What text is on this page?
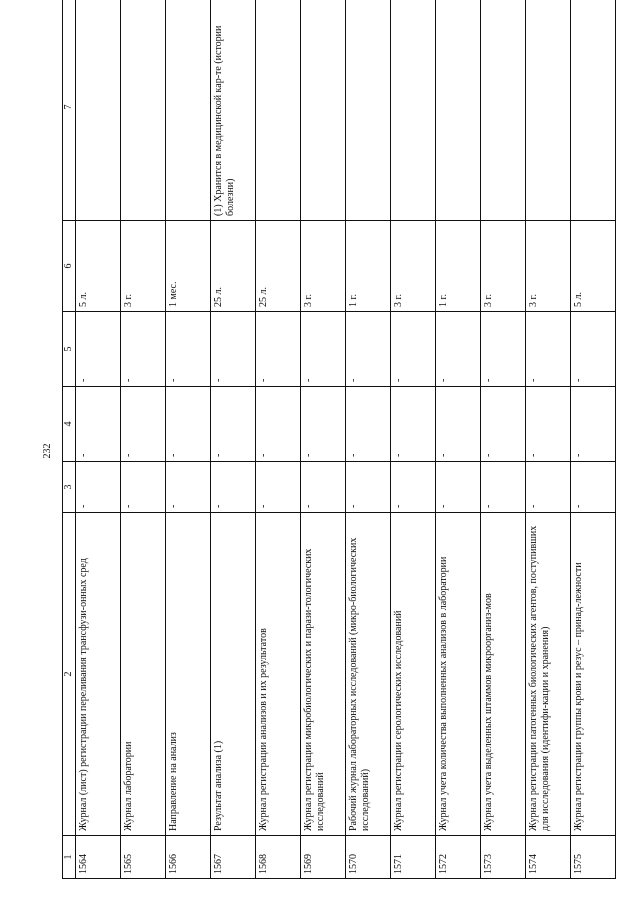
232
1	2	3	4	5	6	7
1564	Журнал (лист) регистрации переливания трансфузи-онных сред	-	-	-	5 л.	
1565	Журнал лаборатории	-	-	-	3 г.	
1566	Направление на анализ	-	-	-	1 мес.	
1567	Результат анализа (1)	-	-	-	25 л.	(1) Хранится в медицинской кар-те (истории болезни)
1568	Журнал регистрации анализов и их результатов	-	-	-	25 л.	
1569	Журнал регистрации микробиологических и парази-тологических исследований	-	-	-	3 г.	
1570	Рабочий журнал лабораторных исследований (микро-биологических исследований)	-	-	-	1 г.	
1571	Журнал регистрации серологических исследований	-	-	-	3 г.	
1572	Журнал учета количества выполненных анализов в лаборатории	-	-	-	1 г.	
1573	Журнал учета выделенных штаммов микроорганиз-мов	-	-	-	3 г.	
1574	Журнал регистрации патогенных биологических агентов, поступивших для исследования (идентифи-кации и хранения)	-	-	-	3 г.	
1575	Журнал регистрации группы крови и резус – принад-лежности	-	-	-	5 л.	
